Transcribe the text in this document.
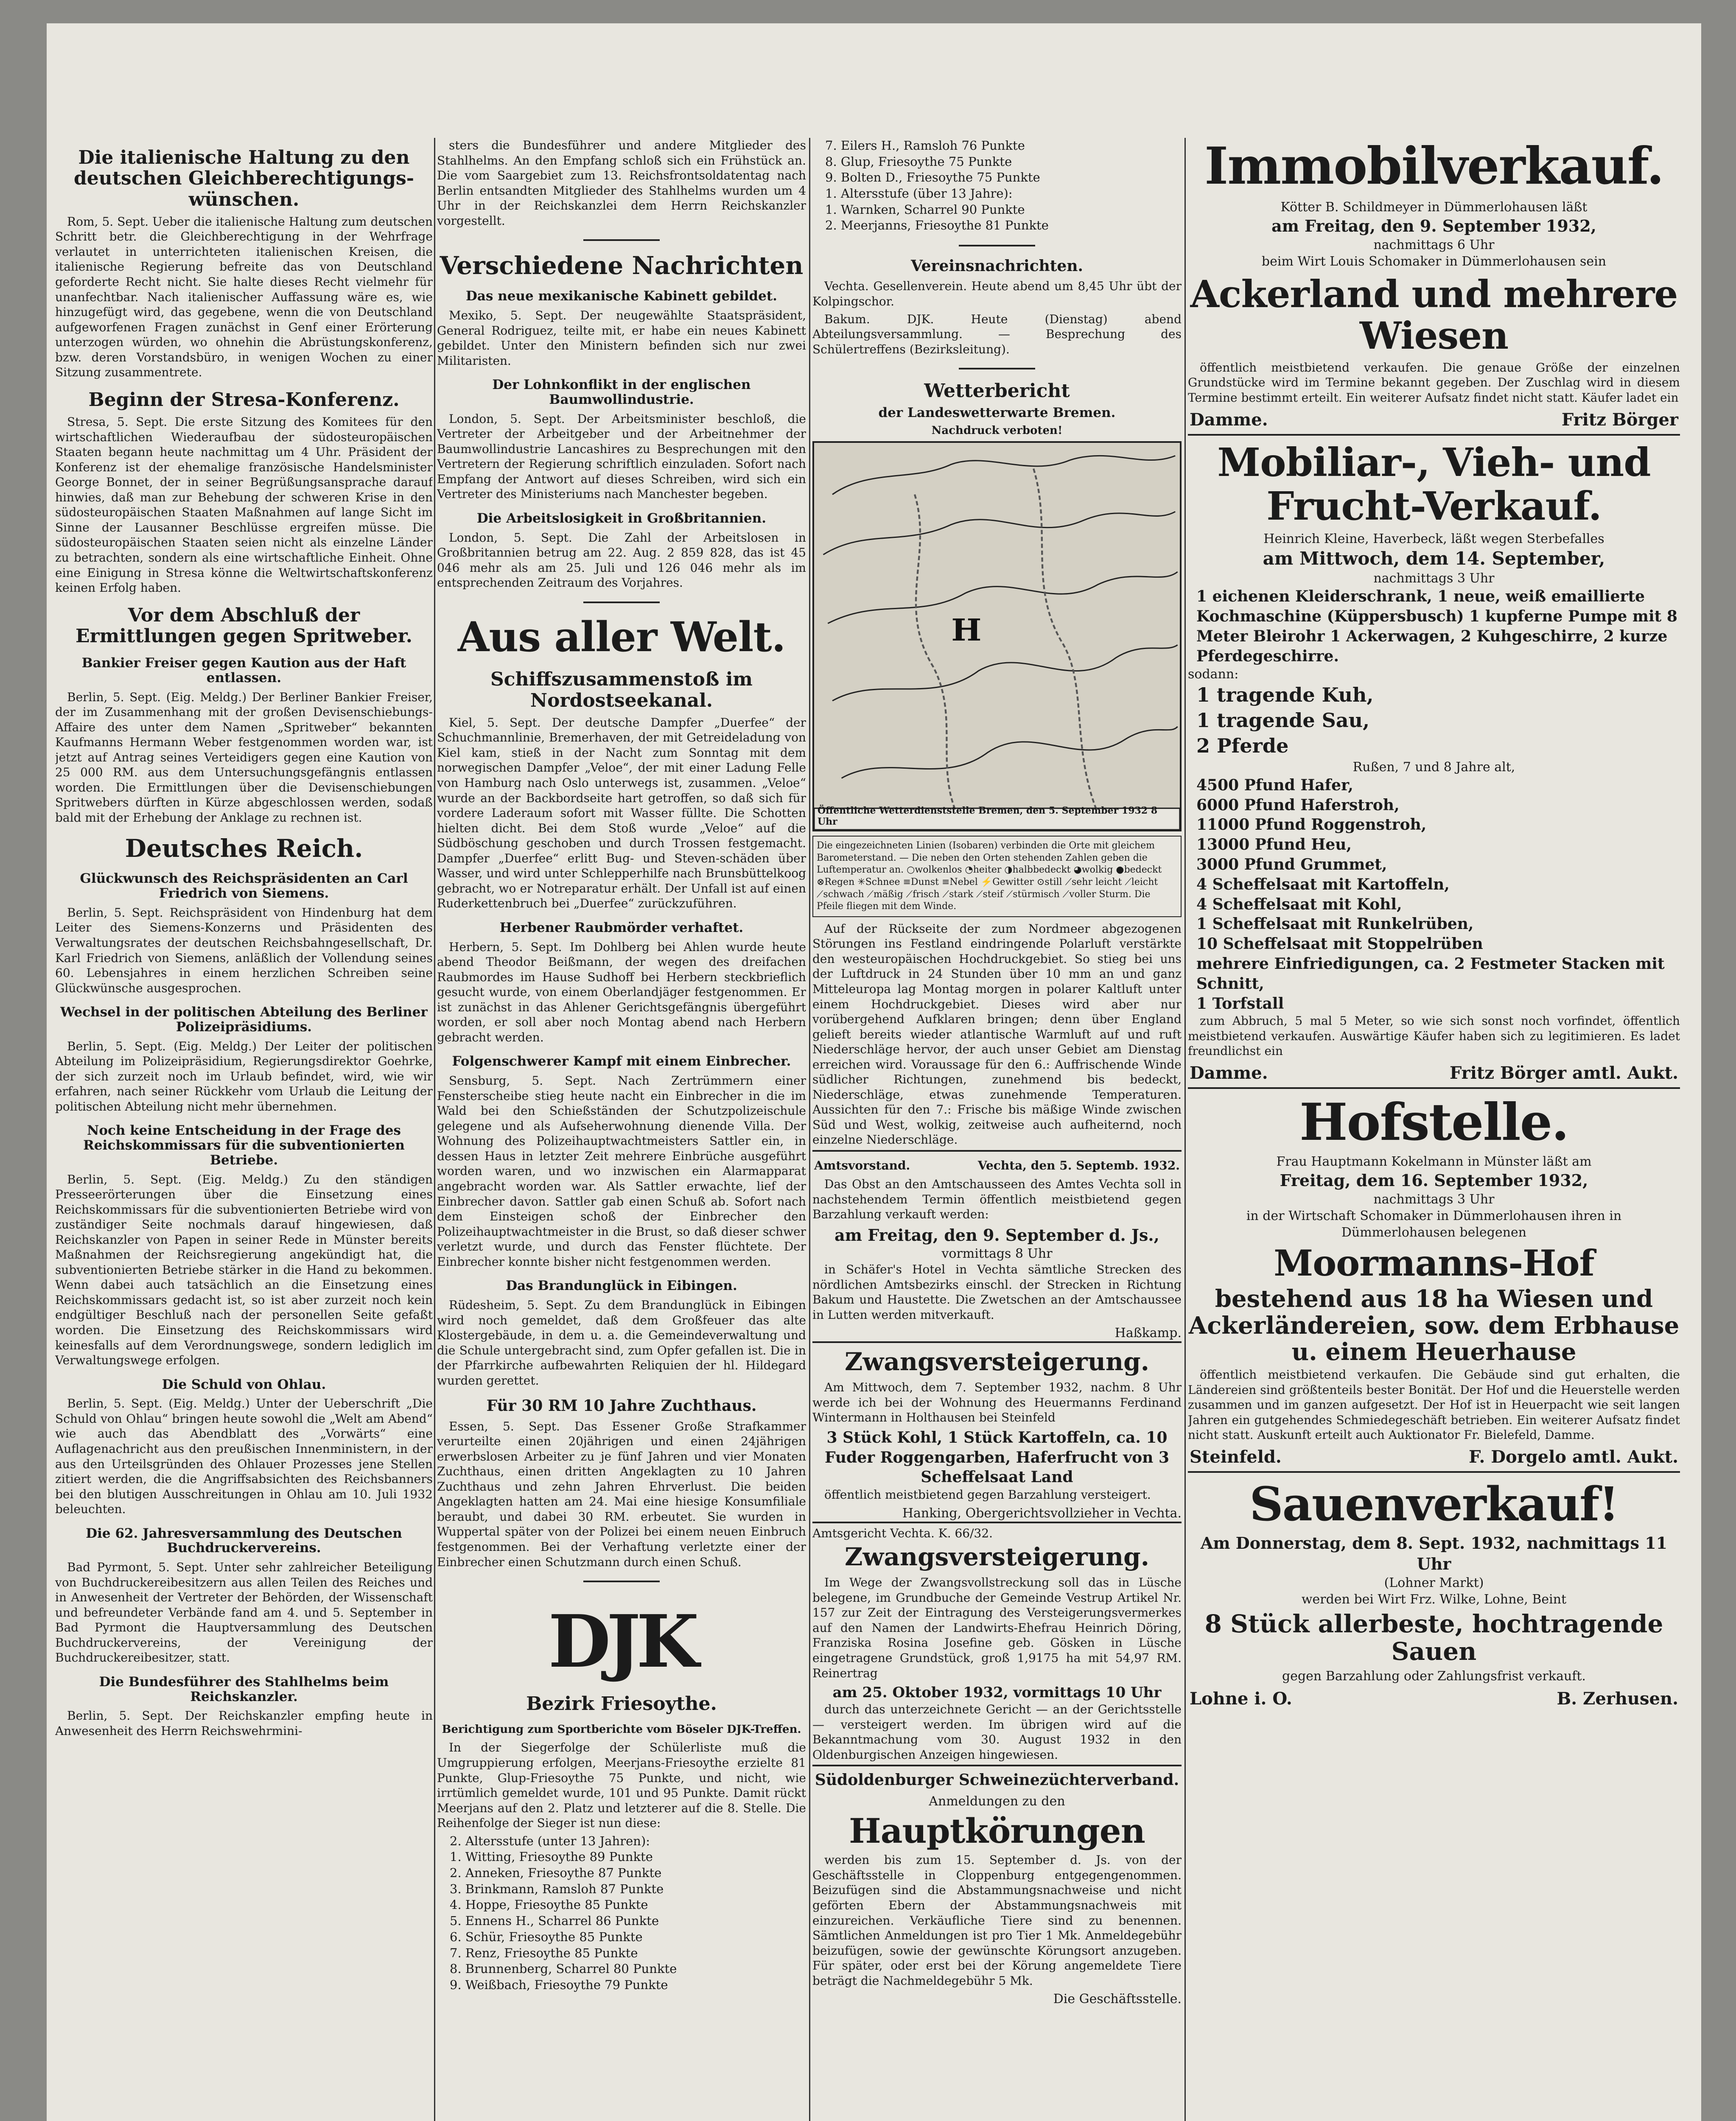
Die italienische Haltung zu den deutschen Gleichberechtigungs-wünschen.
Rom, 5. Sept. Ueber die italienische Haltung zum deutschen Schritt betr. die Gleichberechtigung in der Wehrfrage verlautet in unterrichteten italienischen Kreisen, die italienische Regierung befreite das von Deutschland geforderte Recht nicht. Sie halte dieses Recht vielmehr für unanfechtbar. Nach italienischer Auffassung wäre es, wie hinzugefügt wird, das gegebene, wenn die von Deutschland aufgeworfenen Fragen zunächst in Genf einer Erörterung unterzogen würden, wo ohnehin die Abrüstungskonferenz, bzw. deren Vorstandsbüro, in wenigen Wochen zu einer Sitzung zusammentrete.
Beginn der Stresa-Konferenz.
Stresa, 5. Sept. Die erste Sitzung des Komitees für den wirtschaftlichen Wiederaufbau der südosteuropäischen Staaten begann heute nachmittag um 4 Uhr. Präsident der Konferenz ist der ehemalige französische Handelsminister George Bonnet, der in seiner Begrüßungsansprache darauf hinwies, daß man zur Behebung der schweren Krise in den südosteuropäischen Staaten Maßnahmen auf lange Sicht im Sinne der Lausanner Beschlüsse ergreifen müsse. Die südosteuropäischen Staaten seien nicht als einzelne Länder zu betrachten, sondern als eine wirtschaftliche Einheit. Ohne eine Einigung in Stresa könne die Weltwirtschaftskonferenz keinen Erfolg haben.
Vor dem Abschluß der Ermittlungen gegen Spritweber.
Bankier Freiser gegen Kaution aus der Haft entlassen.
Berlin, 5. Sept. (Eig. Meldg.) Der Berliner Bankier Freiser, der im Zusammenhang mit der großen Devisenschiebungs-Affaire des unter dem Namen „Spritweber“ bekannten Kaufmanns Hermann Weber festgenommen worden war, ist jetzt auf Antrag seines Verteidigers gegen eine Kaution von 25 000 RM. aus dem Untersuchungsgefängnis entlassen worden. Die Ermittlungen über die Devisenschiebungen Spritwebers dürften in Kürze abgeschlossen werden, sodaß bald mit der Erhebung der Anklage zu rechnen ist.
Deutsches Reich.
Glückwunsch des Reichspräsidenten an Carl Friedrich von Siemens.
Berlin, 5. Sept. Reichspräsident von Hindenburg hat dem Leiter des Siemens-Konzerns und Präsidenten des Verwaltungsrates der deutschen Reichsbahngesellschaft, Dr. Karl Friedrich von Siemens, anläßlich der Vollendung seines 60. Lebensjahres in einem herzlichen Schreiben seine Glückwünsche ausgesprochen.
Wechsel in der politischen Abteilung des Berliner Polizeipräsidiums.
Berlin, 5. Sept. (Eig. Meldg.) Der Leiter der politischen Abteilung im Polizeipräsidium, Regierungsdirektor Goehrke, der sich zurzeit noch im Urlaub befindet, wird, wie wir erfahren, nach seiner Rückkehr vom Urlaub die Leitung der politischen Abteilung nicht mehr übernehmen.
Noch keine Entscheidung in der Frage des Reichskommissars für die subventionierten Betriebe.
Berlin, 5. Sept. (Eig. Meldg.) Zu den ständigen Presseerörterungen über die Einsetzung eines Reichskommissars für die subventionierten Betriebe wird von zuständiger Seite nochmals darauf hingewiesen, daß Reichskanzler von Papen in seiner Rede in Münster bereits Maßnahmen der Reichsregierung angekündigt hat, die subventionierten Betriebe stärker in die Hand zu bekommen. Wenn dabei auch tatsächlich an die Einsetzung eines Reichskommissars gedacht ist, so ist aber zurzeit noch kein endgültiger Beschluß nach der personellen Seite gefaßt worden. Die Einsetzung des Reichskommissars wird keinesfalls auf dem Verordnungswege, sondern lediglich im Verwaltungswege erfolgen.
Die Schuld von Ohlau.
Berlin, 5. Sept. (Eig. Meldg.) Unter der Ueberschrift „Die Schuld von Ohlau“ bringen heute sowohl die „Welt am Abend“ wie auch das Abendblatt des „Vorwärts“ eine Auflagenachricht aus den preußischen Innenministern, in der aus den Urteilsgründen des Ohlauer Prozesses jene Stellen zitiert werden, die die Angriffsabsichten des Reichsbanners bei den blutigen Ausschreitungen in Ohlau am 10. Juli 1932 beleuchten.
Die 62. Jahresversammlung des Deutschen Buchdruckervereins.
Bad Pyrmont, 5. Sept. Unter sehr zahlreicher Beteiligung von Buchdruckereibesitzern aus allen Teilen des Reiches und in Anwesenheit der Vertreter der Behörden, der Wissenschaft und befreundeter Verbände fand am 4. und 5. September in Bad Pyrmont die Hauptversammlung des Deutschen Buchdruckervereins, der Vereinigung der Buchdruckereibesitzer, statt.
Die Bundesführer des Stahlhelms beim Reichskanzler.
Berlin, 5. Sept. Der Reichskanzler empfing heute in Anwesenheit des Herrn Reichswehrmini-
sters die Bundesführer und andere Mitglieder des Stahlhelms. An den Empfang schloß sich ein Frühstück an. Die vom Saargebiet zum 13. Reichsfrontsoldatentag nach Berlin entsandten Mitglieder des Stahlhelms wurden um 4 Uhr in der Reichskanzlei dem Herrn Reichskanzler vorgestellt.
Verschiedene Nachrichten
Das neue mexikanische Kabinett gebildet.
Mexiko, 5. Sept. Der neugewählte Staatspräsident, General Rodriguez, teilte mit, er habe ein neues Kabinett gebildet. Unter den Ministern befinden sich nur zwei Militaristen.
Der Lohnkonflikt in der englischen Baumwollindustrie.
London, 5. Sept. Der Arbeitsminister beschloß, die Vertreter der Arbeitgeber und der Arbeitnehmer der Baumwollindustrie Lancashires zu Besprechungen mit den Vertretern der Regierung schriftlich einzuladen. Sofort nach Empfang der Antwort auf dieses Schreiben, wird sich ein Vertreter des Ministeriums nach Manchester begeben.
Die Arbeitslosigkeit in Großbritannien.
London, 5. Sept. Die Zahl der Arbeitslosen in Großbritannien betrug am 22. Aug. 2 859 828, das ist 45 046 mehr als am 25. Juli und 126 046 mehr als im entsprechenden Zeitraum des Vorjahres.
Aus aller Welt.
Schiffszusammenstoß im Nordostseekanal.
Kiel, 5. Sept. Der deutsche Dampfer „Duerfee“ der Schuchmannlinie, Bremerhaven, der mit Getreideladung von Kiel kam, stieß in der Nacht zum Sonntag mit dem norwegischen Dampfer „Veloe“, der mit einer Ladung Felle von Hamburg nach Oslo unterwegs ist, zusammen. „Veloe“ wurde an der Backbordseite hart getroffen, so daß sich für vordere Laderaum sofort mit Wasser füllte. Die Schotten hielten dicht. Bei dem Stoß wurde „Veloe“ auf die Südböschung geschoben und durch Trossen festgemacht. Dampfer „Duerfee“ erlitt Bug- und Steven-schäden über Wasser, und wird unter Schlepperhilfe nach Brunsbüttelkoog gebracht, wo er Notreparatur erhält. Der Unfall ist auf einen Ruderkettenbruch bei „Duerfee“ zurückzuführen.
Herbener Raubmörder verhaftet.
Herbern, 5. Sept. Im Dohlberg bei Ahlen wurde heute abend Theodor Beißmann, der wegen des dreifachen Raubmordes im Hause Sudhoff bei Herbern steckbrieflich gesucht wurde, von einem Oberlandjäger festgenommen. Er ist zunächst in das Ahlener Gerichtsgefängnis übergeführt worden, er soll aber noch Montag abend nach Herbern gebracht werden.
Folgenschwerer Kampf mit einem Einbrecher.
Sensburg, 5. Sept. Nach Zertrümmern einer Fensterscheibe stieg heute nacht ein Einbrecher in die im Wald bei den Schießständen der Schutzpolizeischule gelegene und als Aufseherwohnung dienende Villa. Der Wohnung des Polizeihauptwachtmeisters Sattler ein, in dessen Haus in letzter Zeit mehrere Einbrüche ausgeführt worden waren, und wo inzwischen ein Alarmapparat angebracht worden war. Als Sattler erwachte, lief der Einbrecher davon. Sattler gab einen Schuß ab. Sofort nach dem Einsteigen schoß der Einbrecher den Polizeihauptwachtmeister in die Brust, so daß dieser schwer verletzt wurde, und durch das Fenster flüchtete. Der Einbrecher konnte bisher nicht festgenommen werden.
Das Brandunglück in Eibingen.
Rüdesheim, 5. Sept. Zu dem Brandunglück in Eibingen wird noch gemeldet, daß dem Großfeuer das alte Klostergebäude, in dem u. a. die Gemeindeverwaltung und die Schule untergebracht sind, zum Opfer gefallen ist. Die in der Pfarrkirche aufbewahrten Reliquien der hl. Hildegard wurden gerettet.
Für 30 RM 10 Jahre Zuchthaus.
Essen, 5. Sept. Das Essener Große Strafkammer verurteilte einen 20jährigen und einen 24jährigen erwerbslosen Arbeiter zu je fünf Jahren und vier Monaten Zuchthaus, einen dritten Angeklagten zu 10 Jahren Zuchthaus und zehn Jahren Ehrverlust. Die beiden Angeklagten hatten am 24. Mai eine hiesige Konsumfiliale beraubt, und dabei 30 RM. erbeutet. Sie wurden in Wuppertal später von der Polizei bei einem neuen Einbruch festgenommen. Bei der Verhaftung verletzte einer der Einbrecher einen Schutzmann durch einen Schuß.
DJK
Bezirk Friesoythe.
Berichtigung zum Sportberichte vom Böseler DJK-Treffen.
In der Siegerfolge der Schülerliste muß die Umgruppierung erfolgen, Meerjans-Friesoythe erzielte 81 Punkte, Glup-Friesoythe 75 Punkte, und nicht, wie irrtümlich gemeldet wurde, 101 und 95 Punkte. Damit rückt Meerjans auf den 2. Platz und letzterer auf die 8. Stelle. Die Reihenfolge der Sieger ist nun diese:
2. Altersstufe (unter 13 Jahren):
1. Witting, Friesoythe 89 Punkte
2. Anneken, Friesoythe 87 Punkte
3. Brinkmann, Ramsloh 87 Punkte
4. Hoppe, Friesoythe 85 Punkte
5. Ennens H., Scharrel 86 Punkte
6. Schür, Friesoythe 85 Punkte
7. Renz, Friesoythe 85 Punkte
8. Brunnenberg, Scharrel 80 Punkte
9. Weißbach, Friesoythe 79 Punkte
7. Eilers H., Ramsloh 76 Punkte
8. Glup, Friesoythe 75 Punkte
9. Bolten D., Friesoythe 75 Punkte
1. Altersstufe (über 13 Jahre):
1. Warnken, Scharrel 90 Punkte
2. Meerjanns, Friesoythe 81 Punkte
Vereinsnachrichten.
Vechta. Gesellenverein. Heute abend um 8,45 Uhr übt der Kolpingschor.
Bakum. DJK. Heute (Dienstag) abend Abteilungsversammlung. — Besprechung des Schülertreffens (Bezirksleitung).
Wetterbericht
der Landeswetterwarte Bremen.
Nachdruck verboten!
H
Öffentliche Wetterdienststelle Bremen, den 5. September 1932 8 Uhr
Die eingezeichneten Linien (Isobaren) verbinden die Orte mit gleichem Barometerstand. — Die neben den Orten stehenden Zahlen geben die Luftemperatur an. ○wolkenlos ◔heiter ◑halbbedeckt ◕wolkig ●bedeckt ⊗Regen ✳Schnee ≡Dunst ≡Nebel ⚡Gewitter ⊙still ⟋sehr leicht ⟋leicht ⟋schwach ⟋mäßig ⟋frisch ⟋stark ⟋steif ⟋stürmisch ⟋voller Sturm. Die Pfeile fliegen mit dem Winde.
Auf der Rückseite der zum Nordmeer abgezogenen Störungen ins Festland eindringende Polarluft verstärkte den westeuropäischen Hochdruckgebiet. So stieg bei uns der Luftdruck in 24 Stunden über 10 mm an und ganz Mitteleuropa lag Montag morgen in polarer Kaltluft unter einem Hochdruckgebiet. Dieses wird aber nur vorübergehend Aufklaren bringen; denn über England gelieft bereits wieder atlantische Warmluft auf und ruft Niederschläge hervor, der auch unser Gebiet am Dienstag erreichen wird. Voraussage für den 6.: Auffrischende Winde südlicher Richtungen, zunehmend bis bedeckt, Niederschläge, etwas zunehmende Temperaturen. Aussichten für den 7.: Frische bis mäßige Winde zwischen Süd und West, wolkig, zeitweise auch aufheiternd, noch einzelne Niederschläge.
Amtsvorstand.	Vechta, den 5. Septemb. 1932.
Das Obst an den Amtschausseen des Amtes Vechta soll in nachstehendem Termin öffentlich meistbietend gegen Barzahlung verkauft werden:
am Freitag, den 9. September d. Js.,
vormittags 8 Uhr
in Schäfer's Hotel in Vechta sämtliche Strecken des nördlichen Amtsbezirks einschl. der Strecken in Richtung Bakum und Haustette. Die Zwetschen an der Amtschaussee in Lutten werden mitverkauft.
Haßkamp.
Zwangsversteigerung.
Am Mittwoch, dem 7. September 1932, nachm. 8 Uhr werde ich bei der Wohnung des Heuermanns Ferdinand Wintermann in Holthausen bei Steinfeld
3 Stück Kohl, 1 Stück Kartoffeln, ca. 10 Fuder Roggengarben, Haferfrucht von 3 Scheffelsaat Land
öffentlich meistbietend gegen Barzahlung versteigert.
Hanking, Obergerichtsvollzieher in Vechta.
Amtsgericht Vechta. K. 66/32.
Zwangsversteigerung.
Im Wege der Zwangsvollstreckung soll das in Lüsche belegene, im Grundbuche der Gemeinde Vestrup Artikel Nr. 157 zur Zeit der Eintragung des Versteigerungsvermerkes auf den Namen der Landwirts-Ehefrau Heinrich Döring, Franziska Rosina Josefine geb. Gösken in Lüsche eingetragene Grundstück, groß 1,9175 ha mit 54,97 RM. Reinertrag
am 25. Oktober 1932, vormittags 10 Uhr
durch das unterzeichnete Gericht — an der Gerichtsstelle — versteigert werden. Im übrigen wird auf die Bekanntmachung vom 30. August 1932 in den Oldenburgischen Anzeigen hingewiesen.
Südoldenburger Schweinezüchterverband.
Anmeldungen zu den
Hauptkörungen
werden bis zum 15. September d. Js. von der Geschäftsstelle in Cloppenburg entgegengenommen. Beizufügen sind die Abstammungsnachweise und nicht geförten Ebern der Abstammungsnachweis mit einzureichen. Verkäufliche Tiere sind zu benennen. Sämtlichen Anmeldungen ist pro Tier 1 Mk. Anmeldegebühr beizufügen, sowie der gewünschte Körungsort anzugeben. Für später, oder erst bei der Körung angemeldete Tiere beträgt die Nachmeldegebühr 5 Mk.
Die Geschäftsstelle.
Immobilverkauf.
Kötter B. Schildmeyer in Dümmerlohausen läßt
am Freitag, den 9. September 1932,
nachmittags 6 Uhr
beim Wirt Louis Schomaker in Dümmerlohausen sein
Ackerland und mehrere Wiesen
öffentlich meistbietend verkaufen. Die genaue Größe der einzelnen Grundstücke wird im Termine bekannt gegeben. Der Zuschlag wird in diesem Termine bestimmt erteilt. Ein weiterer Aufsatz findet nicht statt. Käufer ladet ein
Damme.	Fritz Börger
Mobiliar-, Vieh- und Frucht-Verkauf.
Heinrich Kleine, Haverbeck, läßt wegen Sterbefalles
am Mittwoch, dem 14. September,
nachmittags 3 Uhr
1 eichenen Kleiderschrank, 1 neue, weiß emaillierte Kochmaschine (Küppersbusch) 1 kupferne Pumpe mit 8 Meter Bleirohr 1 Ackerwagen, 2 Kuhgeschirre, 2 kurze Pferdegeschirre.
sodann:
1 tragende Kuh,
1 tragende Sau,
2 Pferde
Rußen, 7 und 8 Jahre alt,
4500 Pfund Hafer,
6000 Pfund Haferstroh,
11000 Pfund Roggenstroh,
13000 Pfund Heu,
3000 Pfund Grummet,
4 Scheffelsaat mit Kartoffeln,
4 Scheffelsaat mit Kohl,
1 Scheffelsaat mit Runkelrüben,
10 Scheffelsaat mit Stoppelrüben
mehrere Einfriedigungen, ca. 2 Festmeter Stacken mit Schnitt,
1 Torfstall
zum Abbruch, 5 mal 5 Meter, so wie sich sonst noch vorfindet, öffentlich meistbietend verkaufen. Auswärtige Käufer haben sich zu legitimieren. Es ladet freundlichst ein
Damme.	Fritz Börger amtl. Aukt.
Hofstelle.
Frau Hauptmann Kokelmann in Münster läßt am
Freitag, dem 16. September 1932,
nachmittags 3 Uhr
in der Wirtschaft Schomaker in Dümmerlohausen ihren in Dümmerlohausen belegenen
Moormanns-Hof
bestehend aus 18 ha Wiesen und Ackerländereien, sow. dem Erbhause u. einem Heuerhause
öffentlich meistbietend verkaufen. Die Gebäude sind gut erhalten, die Ländereien sind größtenteils bester Bonität. Der Hof und die Heuerstelle werden zusammen und im ganzen aufgesetzt. Der Hof ist in Heuerpacht wie seit langen Jahren ein gutgehendes Schmiedegeschäft betrieben. Ein weiterer Aufsatz findet nicht statt. Auskunft erteilt auch Auktionator Fr. Bielefeld, Damme.
Steinfeld.	F. Dorgelo amtl. Aukt.
Sauenverkauf!
Am Donnerstag, dem 8. Sept. 1932, nachmittags 11 Uhr
(Lohner Markt)
werden bei Wirt Frz. Wilke, Lohne, Beint
8 Stück allerbeste, hochtragende Sauen
gegen Barzahlung oder Zahlungsfrist verkauft.
Lohne i. O.	B. Zerhusen.
